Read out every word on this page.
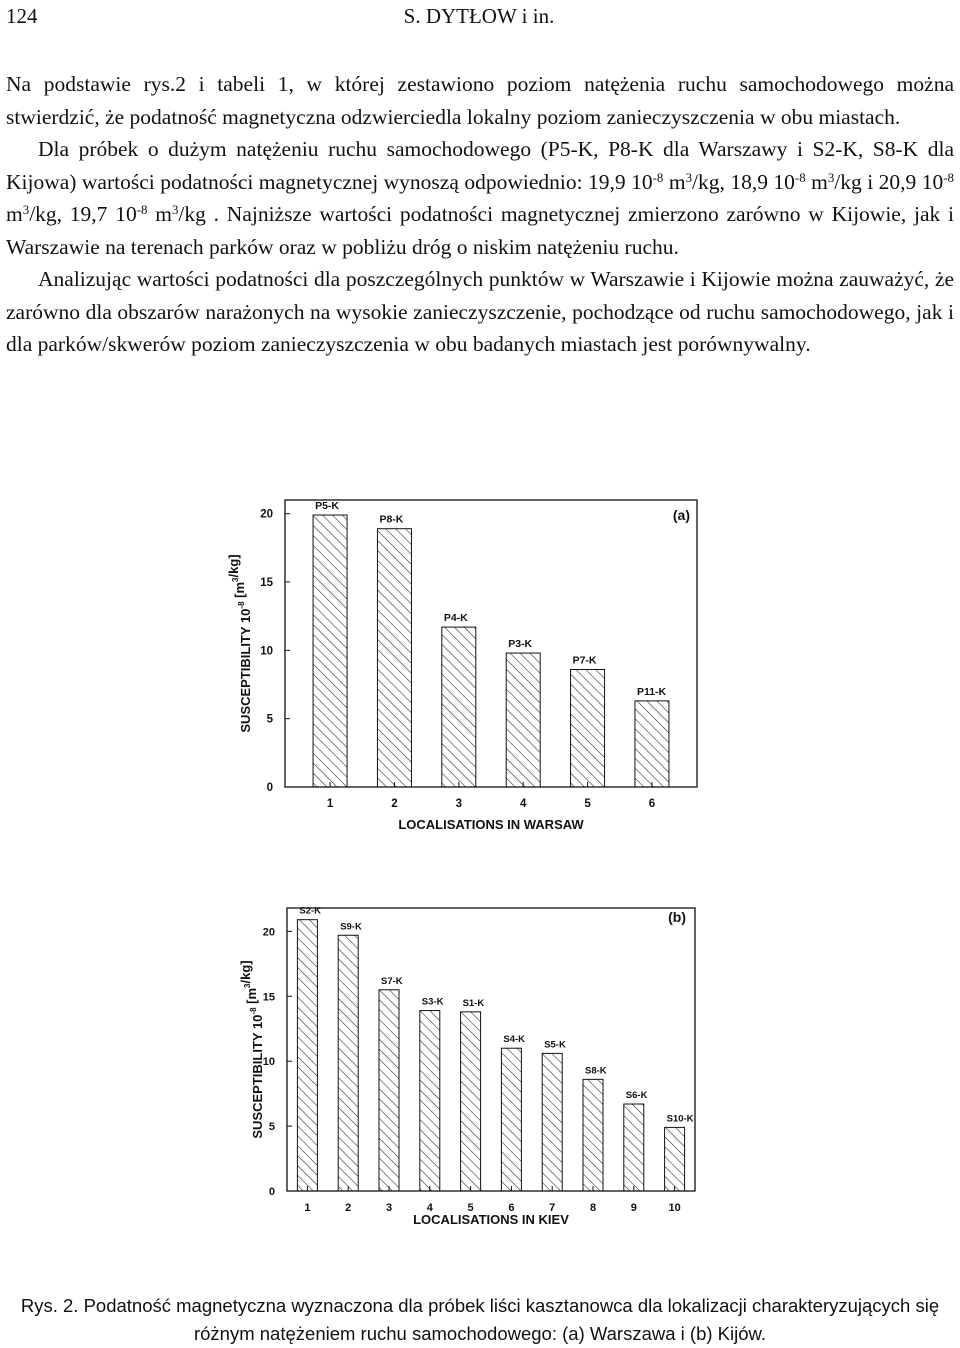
124	S. DYTŁOW i in.

Na podstawie rys.2 i tabeli 1, w której zestawiono poziom natężenia ruchu samochodowego można stwierdzić, że podatność magnetyczna odzwierciedla lokalny poziom zanieczyszczenia w obu miastach.

Dla próbek o dużym natężeniu ruchu samochodowego (P5-K, P8-K dla Warszawy i S2-K, S8-K dla Kijowa) wartości podatności magnetycznej wynoszą odpowiednio: 19,9 $10^{-8}$ $m^3/kg$, 18,9 $10^{-8}$ $m^3/kg$ i 20,9 $10^{-8}$ $m^3/kg$, 19,7 $10^{-8}$ $m^3/kg$ . Najniższe wartości podatności magnetycznej zmierzono zarówno w Kijowie, jak i Warszawie na terenach parków oraz w pobliżu dróg o niskim natężeniu ruchu.

Analizując wartości podatności dla poszczególnych punktów w Warszawie i Kijowie można zauważyć, że zarówno dla obszarów narażonych na wysokie zanieczyszczenie, pochodzące od ruchu samochodowego, jak i dla parków/skwerów poziom zanieczyszczenia w obu badanych miastach jest porównywalny.

P5-K
P8-K
P4-K
P3-K
P7-K
P11-K
0
5
10
15
20
1	2	3	4	5	6
LOCALISATIONS IN WARSAW
SUSCEPTIBILITY $10^{-8}$ $[m^3/kg]$
(a)
S2-K
S9-K
S7-K
S3-K S1-K
S4-K S5-K
S8-K
S6-K
S10-K
0
5
10
15
20
1	2	3	4	5	6	7	8	9	10
LOCALISATIONS IN KIEV
SUSCEPTIBILITY $10^{-8}$ $[m^3/kg]$
(b)
Rys. 2. Podatność magnetyczna wyznaczona dla próbek liści kasztanowca dla lokalizacji charakteryzujących się różnym natężeniem ruchu samochodowego: (a) Warszawa i (b) Kijów.
